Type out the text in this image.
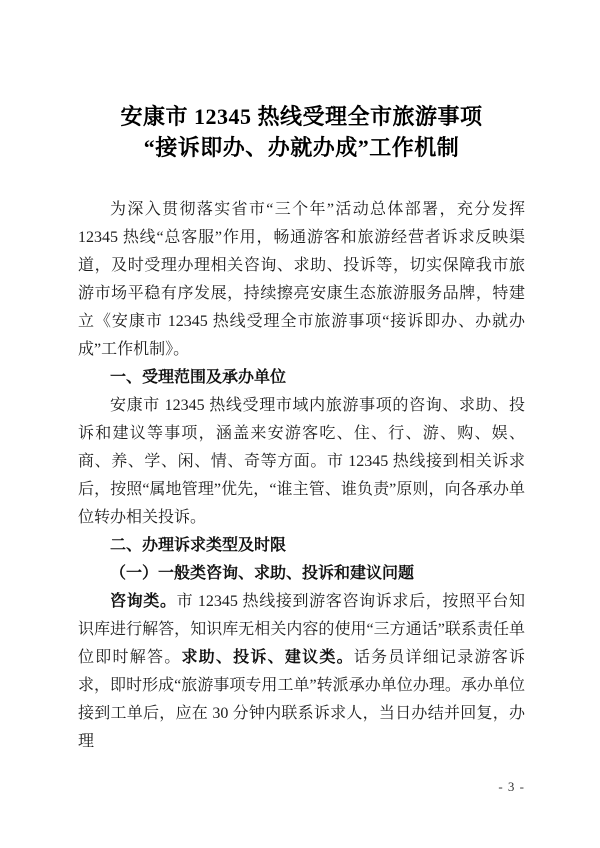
安康市 12345 热线受理全市旅游事项
“接诉即办、办就办成”工作机制

为深入贯彻落实省市“三个年”活动总体部署，充分发挥 12345 热线“总客服”作用，畅通游客和旅游经营者诉求反映渠道，及时受理办理相关咨询、求助、投诉等，切实保障我市旅游市场平稳有序发展，持续擦亮安康生态旅游服务品牌，特建立《安康市 12345 热线受理全市旅游事项“接诉即办、办就办成”工作机制》。

一、受理范围及承办单位

安康市 12345 热线受理市域内旅游事项的咨询、求助、投诉和建议等事项，涵盖来安游客吃、住、行、游、购、娱、商、养、学、闲、情、奇等方面。市 12345 热线接到相关诉求后，按照“属地管理”优先，“谁主管、谁负责”原则，向各承办单位转办相关投诉。

二、办理诉求类型及时限

（一）一般类咨询、求助、投诉和建议问题

咨询类。市 12345 热线接到游客咨询诉求后，按照平台知识库进行解答，知识库无相关内容的使用“三方通话”联系责任单位即时解答。求助、投诉、建议类。话务员详细记录游客诉求，即时形成“旅游事项专用工单”转派承办单位办理。承办单位接到工单后，应在 30 分钟内联系诉求人，当日办结并回复，办理

- 3 -
